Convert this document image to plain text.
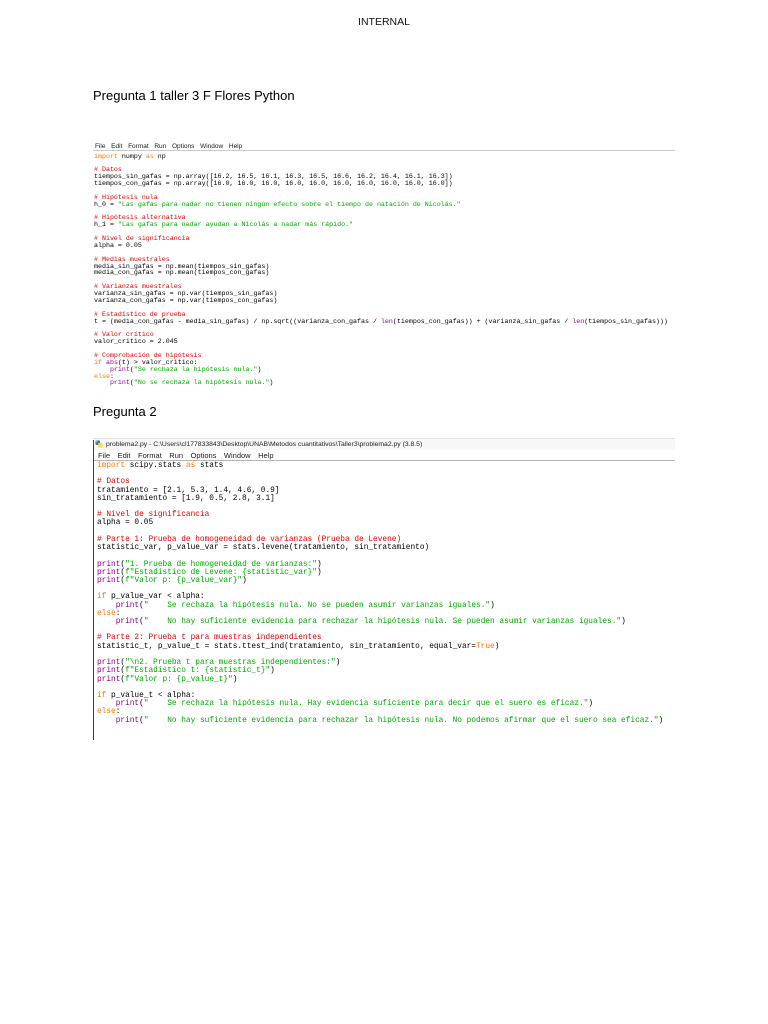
INTERNAL
Pregunta 1 taller 3 F Flores Python
File Edit Format Run Options Window Help
import numpy as np
# Datos
tiempos_sin_gafas = np.array([16.2, 16.5, 16.1, 16.3, 16.5, 16.6, 16.2, 16.4, 16.1, 16.3])
tiempos_con_gafas = np.array([16.0, 16.0, 16.0, 16.0, 16.0, 16.0, 16.0, 16.0, 16.0, 16.0])
# Hipótesis nula
h_0 = "Las gafas para nadar no tienen ningún efecto sobre el tiempo de natación de Nicolás."
# Hipótesis alternativa
h_1 = "Las gafas para nadar ayudan a Nicolás a nadar más rápido."
# Nivel de significancia
alpha = 0.05
# Medias muestrales
media_sin_gafas = np.mean(tiempos_sin_gafas)
media_con_gafas = np.mean(tiempos_con_gafas)
# Varianzas muestrales
varianza_sin_gafas = np.var(tiempos_sin_gafas)
varianza_con_gafas = np.var(tiempos_con_gafas)
# Estadístico de prueba
t = (media_con_gafas - media_sin_gafas) / np.sqrt((varianza_con_gafas / len(tiempos_con_gafas)) + (varianza_sin_gafas / len(tiempos_sin_gafas)))
# Valor crítico
valor_critico = 2.045
# Comprobación de hipótesis
if abs(t) > valor_critico:
print("Se rechaza la hipótesis nula.")
else:
print("No se rechaza la hipótesis nula.")
Pregunta 2
problema2.py - C:\Users\cl177833843\Desktop\UNAB\Metodos cuantitativos\Taller3\problema2.py (3.8.5)
File Edit Format Run Options Window Help
import scipy.stats as stats
# Datos
tratamiento = [2.1, 5.3, 1.4, 4.6, 0.9]
sin_tratamiento = [1.9, 0.5, 2.8, 3.1]
# Nivel de significancia
alpha = 0.05
# Parte 1: Prueba de homogeneidad de varianzas (Prueba de Levene)
statistic_var, p_value_var = stats.levene(tratamiento, sin_tratamiento)
print("1. Prueba de homogeneidad de varianzas:")
print(f"Estadístico de Levene: {statistic_var}")
print(f"Valor p: {p_value_var}")
if p_value_var < alpha:
print("    Se rechaza la hipótesis nula. No se pueden asumir varianzas iguales.")
else:
print("    No hay suficiente evidencia para rechazar la hipótesis nula. Se pueden asumir varianzas iguales.")
# Parte 2: Prueba t para muestras independientes
statistic_t, p_value_t = stats.ttest_ind(tratamiento, sin_tratamiento, equal_var=True)
print("\n2. Prueba t para muestras independientes:")
print(f"Estadístico t: {statistic_t}")
print(f"Valor p: {p_value_t}")
if p_value_t < alpha:
print("    Se rechaza la hipótesis nula. Hay evidencia suficiente para decir que el suero es eficaz.")
else:
print("    No hay suficiente evidencia para rechazar la hipótesis nula. No podemos afirmar que el suero sea eficaz.")
